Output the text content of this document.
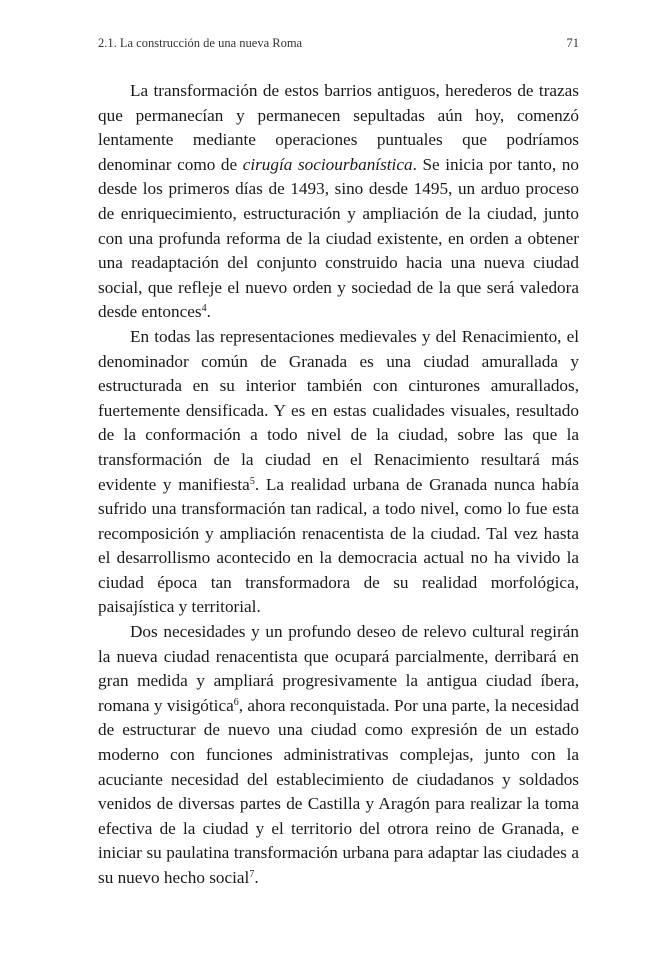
2.1. La construcción de una nueva Roma	71

La transformación de estos barrios antiguos, herederos de trazas que permanecían y permanecen sepultadas aún hoy, comenzó lentamente mediante operaciones puntuales que podríamos denominar como de cirugía sociourbanística. Se inicia por tanto, no desde los primeros días de 1493, sino desde 1495, un arduo proceso de enriquecimiento, estructuración y ampliación de la ciudad, junto con una profunda reforma de la ciudad existente, en orden a obtener una readaptación del conjunto construido hacia una nueva ciudad social, que refleje el nuevo orden y sociedad de la que será valedora desde entonces$^4$.

En todas las representaciones medievales y del Renacimiento, el denominador común de Granada es una ciudad amurallada y estructurada en su interior también con cinturones amurallados, fuertemente densificada. Y es en estas cualidades visuales, resultado de la conformación a todo nivel de la ciudad, sobre las que la transformación de la ciudad en el Renacimiento resultará más evidente y manifiesta$^5$. La realidad urbana de Granada nunca había sufrido una transformación tan radical, a todo nivel, como lo fue esta recomposición y ampliación renacentista de la ciudad. Tal vez hasta el desarrollismo acontecido en la democracia actual no ha vivido la ciudad época tan transformadora de su realidad morfológica, paisajística y territorial.

Dos necesidades y un profundo deseo de relevo cultural regirán la nueva ciudad renacentista que ocupará parcialmente, derribará en gran medida y ampliará progresivamente la antigua ciudad íbera, romana y visigótica$^6$, ahora reconquistada. Por una parte, la necesidad de estructurar de nuevo una ciudad como expresión de un estado moderno con funciones administrativas complejas, junto con la acuciante necesidad del establecimiento de ciudadanos y soldados venidos de diversas partes de Castilla y Aragón para realizar la toma efectiva de la ciudad y el territorio del otrora reino de Granada, e iniciar su paulatina transformación urbana para adaptar las ciudades a su nuevo hecho social$^7$.
